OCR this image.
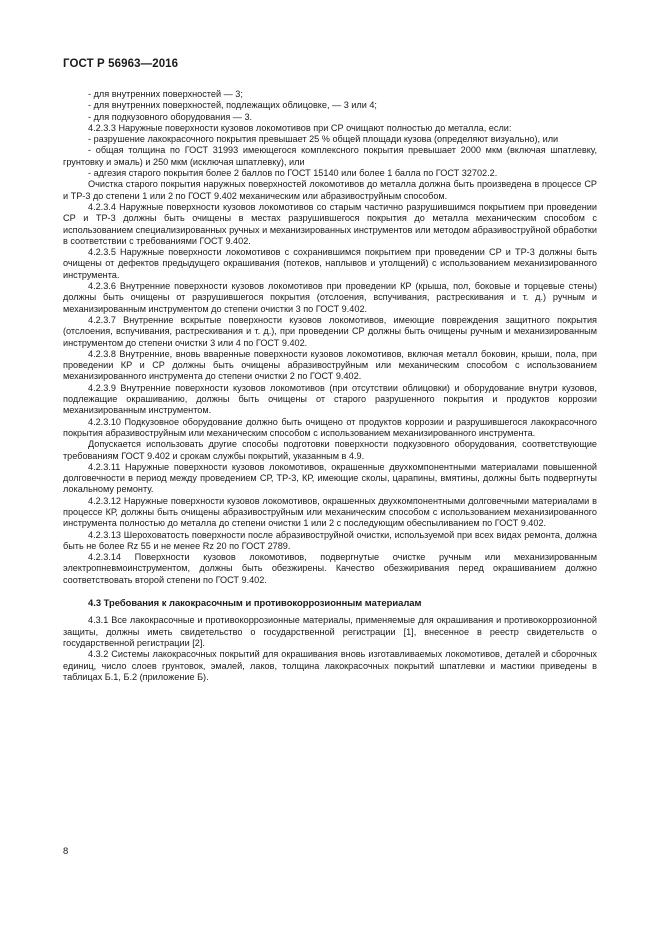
ГОСТ Р 56963—2016

- для внутренних поверхностей — 3;

- для внутренних поверхностей, подлежащих облицовке, — 3 или 4;

- для подкузовного оборудования — 3.

4.2.3.3 Наружные поверхности кузовов локомотивов при СР очищают полностью до металла, если:

- разрушение лакокрасочного покрытия превышает 25 % общей площади кузова (определяют визуально), или

- общая толщина по ГОСТ 31993 имеющегося комплексного покрытия превышает 2000 мкм (включая шпатлевку, грунтовку и эмаль) и 250 мкм (исключая шпатлевку), или

- адгезия старого покрытия более 2 баллов по ГОСТ 15140 или более 1 балла по ГОСТ 32702.2.

Очистка старого покрытия наружных поверхностей локомотивов до металла должна быть произведена в процессе СР и ТР-3 до степени 1 или 2 по ГОСТ 9.402 механическим или абразивоструйным способом.

4.2.3.4 Наружные поверхности кузовов локомотивов со старым частично разрушившимся покрытием при проведении СР и ТР-3 должны быть очищены в местах разрушившегося покрытия до металла механическим способом с использованием специализированных ручных и механизированных инструментов или методом абразивоструйной обработки в соответствии с требованиями ГОСТ 9.402.

4.2.3.5 Наружные поверхности локомотивов с сохранившимся покрытием при проведении СР и ТР-3 должны быть очищены от дефектов предыдущего окрашивания (потеков, наплывов и утолщений) с использованием механизированного инструмента.

4.2.3.6 Внутренние поверхности кузовов локомотивов при проведении КР (крыша, пол, боковые и торцевые стены) должны быть очищены от разрушившегося покрытия (отслоения, вспучивания, растрескивания и т. д.) ручным и механизированным инструментом до степени очистки 3 по ГОСТ 9.402.

4.2.3.7 Внутренние вскрытые поверхности кузовов локомотивов, имеющие повреждения защитного покрытия (отслоения, вспучивания, растрескивания и т. д.), при проведении СР должны быть очищены ручным и механизированным инструментом до степени очистки 3 или 4 по ГОСТ 9.402.

4.2.3.8 Внутренние, вновь вваренные поверхности кузовов локомотивов, включая металл боковин, крыши, пола, при проведении КР и СР должны быть очищены абразивоструйным или механическим способом с использованием механизированного инструмента до степени очистки 2 по ГОСТ 9.402.

4.2.3.9 Внутренние поверхности кузовов локомотивов (при отсутствии облицовки) и оборудование внутри кузовов, подлежащие окрашиванию, должны быть очищены от старого разрушенного покрытия и продуктов коррозии механизированным инструментом.

4.2.3.10 Подкузовное оборудование должно быть очищено от продуктов коррозии и разрушившегося лакокрасочного покрытия абразивоструйным или механическим способом с использованием механизированного инструмента.

Допускается использовать другие способы подготовки поверхности подкузовного оборудования, соответствующие требованиям ГОСТ 9.402 и срокам службы покрытий, указанным в 4.9.

4.2.3.11 Наружные поверхности кузовов локомотивов, окрашенные двухкомпонентными материалами повышенной долговечности в период между проведением СР, ТР-3, КР, имеющие сколы, царапины, вмятины, должны быть подвергнуты локальному ремонту.

4.2.3.12 Наружные поверхности кузовов локомотивов, окрашенных двухкомпонентными долговечными материалами в процессе КР, должны быть очищены абразивоструйным или механическим способом с использованием механизированного инструмента полностью до металла до степени очистки 1 или 2 с последующим обеспыливанием по ГОСТ 9.402.

4.2.3.13 Шероховатость поверхности после абразивоструйной очистки, используемой при всех видах ремонта, должна быть не более Rz 55 и не менее Rz 20 по ГОСТ 2789.

4.2.3.14 Поверхности кузовов локомотивов, подвергнутые очистке ручным или механизированным электропневмоинструментом, должны быть обезжирены. Качество обезжиривания перед окрашиванием должно соответствовать второй степени по ГОСТ 9.402.

4.3 Требования к лакокрасочным и противокоррозионным материалам

4.3.1 Все лакокрасочные и противокоррозионные материалы, применяемые для окрашивания и противокоррозионной защиты, должны иметь свидетельство о государственной регистрации [1], внесенное в реестр свидетельств о государственной регистрации [2].

4.3.2 Системы лакокрасочных покрытий для окрашивания вновь изготавливаемых локомотивов, деталей и сборочных единиц, число слоев грунтовок, эмалей, лаков, толщина лакокрасочных покрытий шпатлевки и мастики приведены в таблицах Б.1, Б.2 (приложение Б).

8
